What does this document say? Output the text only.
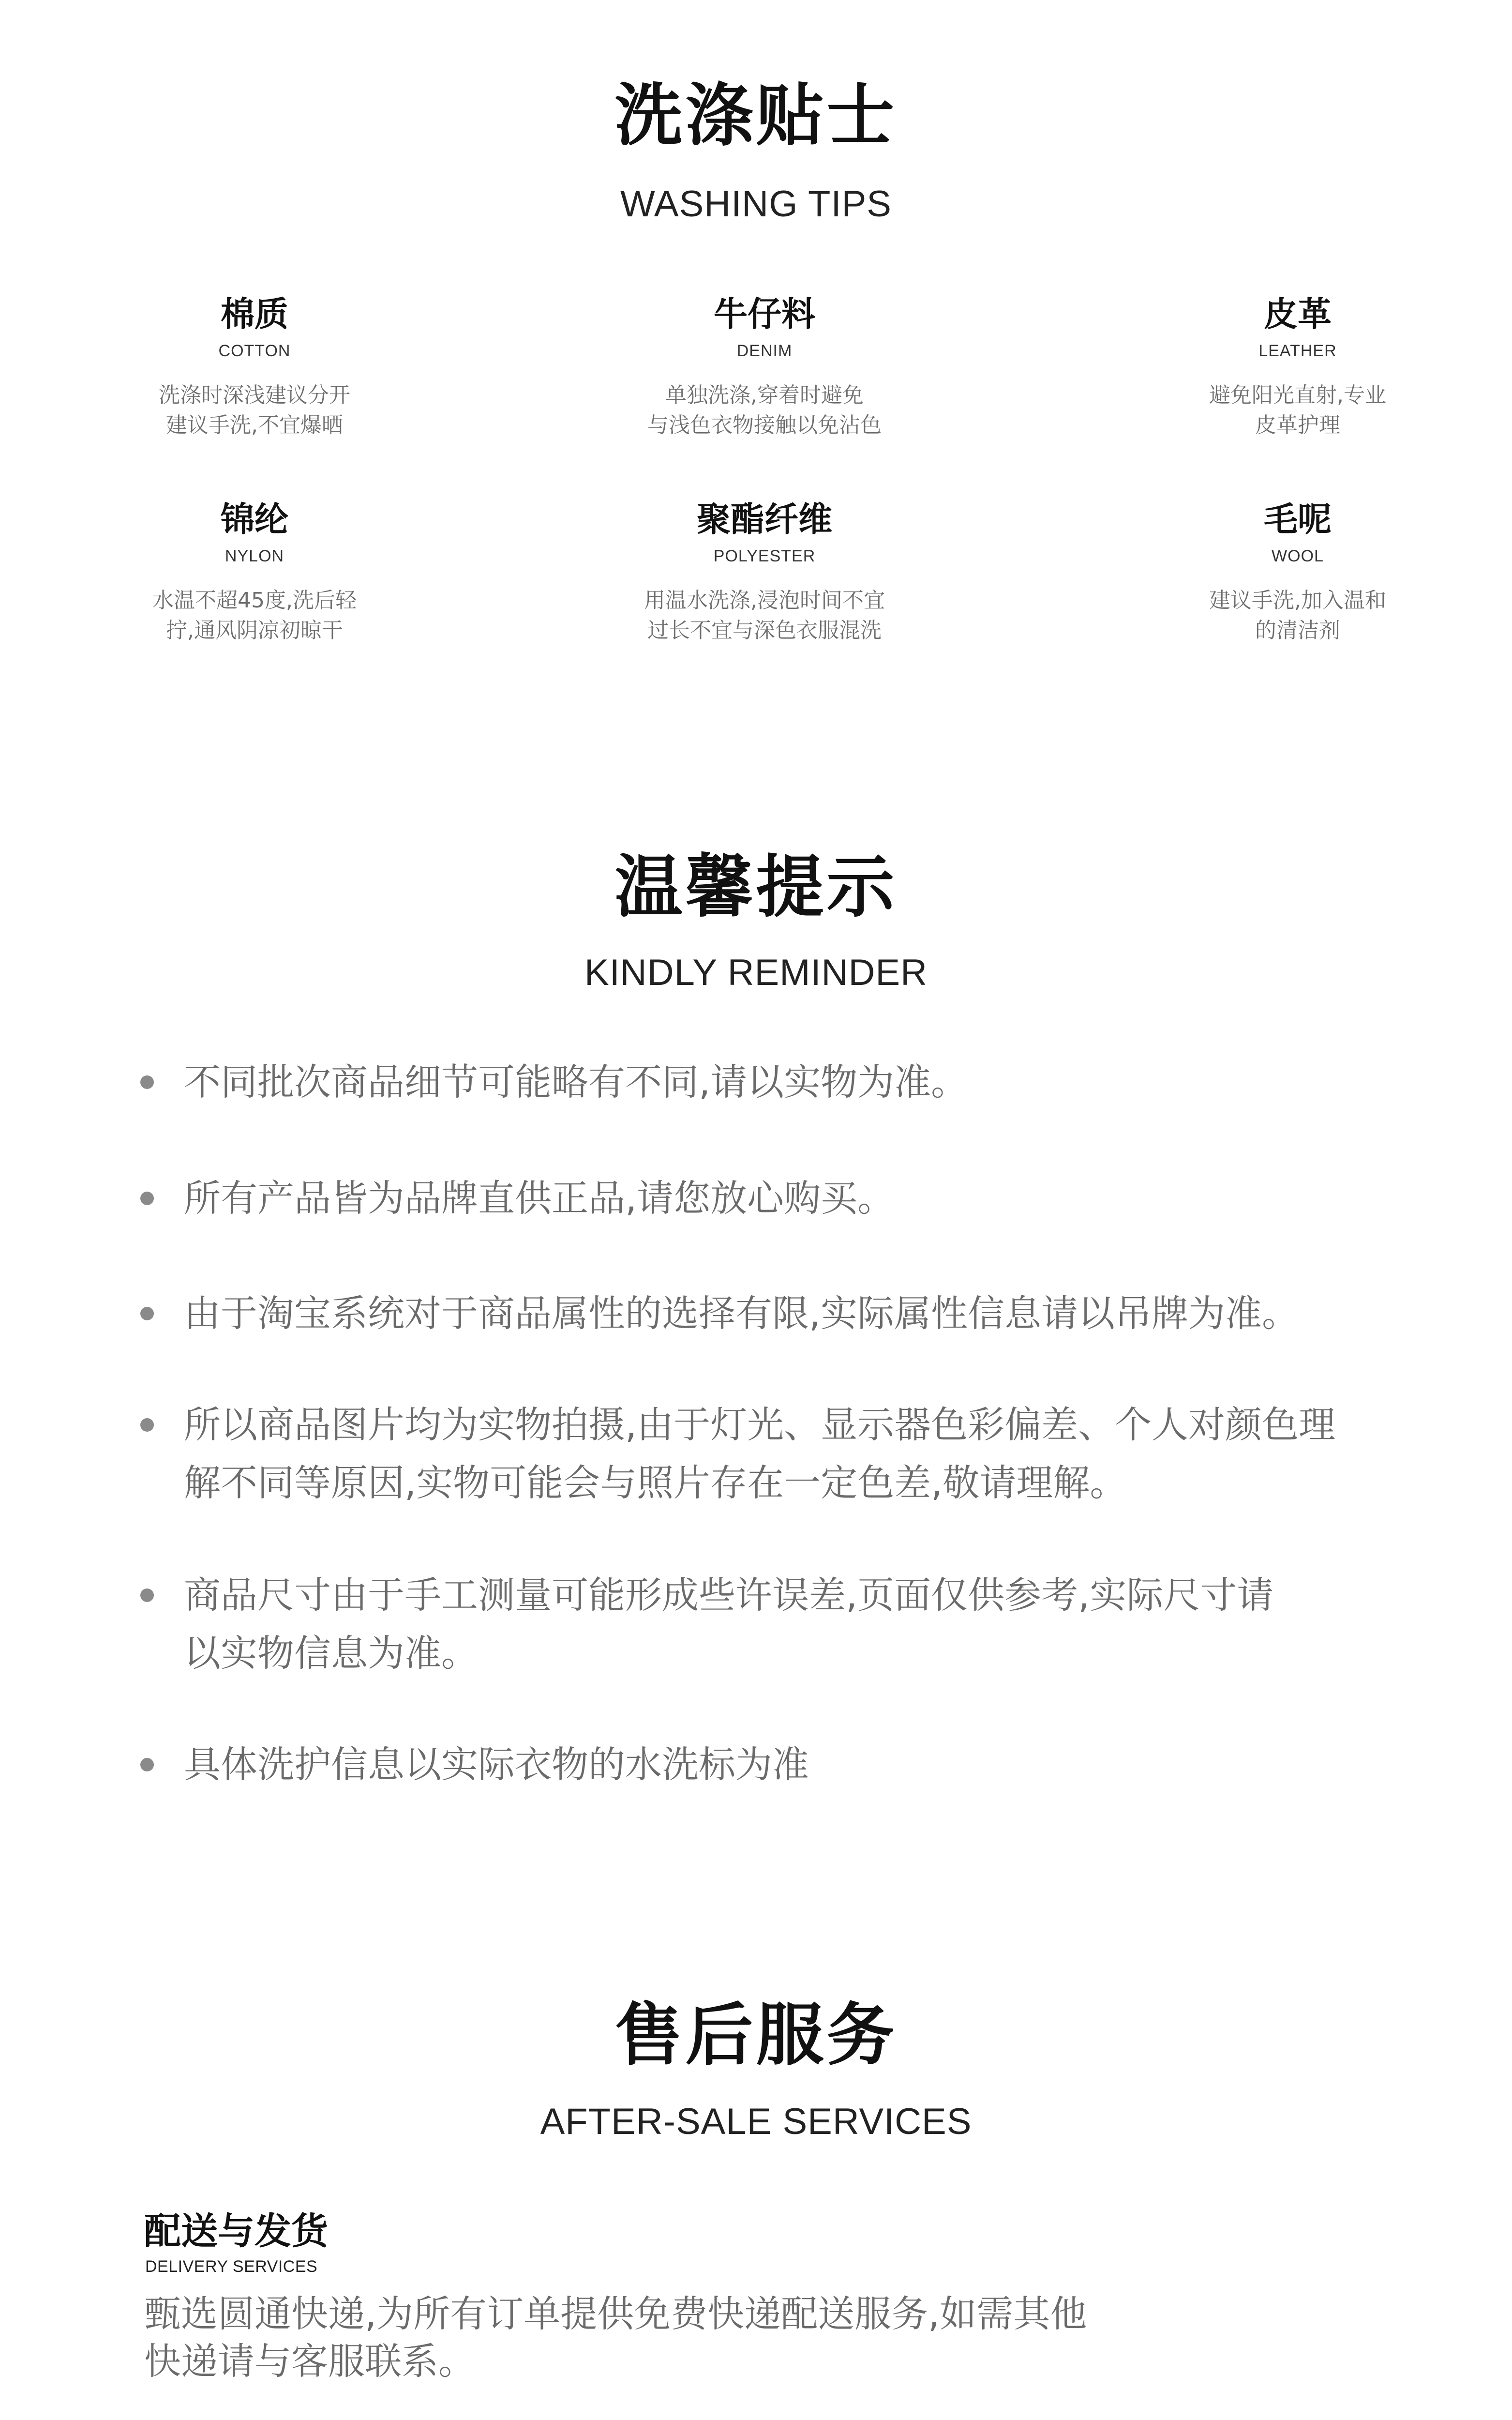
洗涤贴士
WASHING TIPS
棉质
COTTON
洗涤时深浅建议分开
建议手洗,不宜爆晒
牛仔料
DENIM
单独洗涤,穿着时避免
与浅色衣物接触以免沾色
皮革
LEATHER
避免阳光直射,专业
皮革护理
锦纶
NYLON
水温不超45度,洗后轻
拧,通风阴凉初晾干
聚酯纤维
POLYESTER
用温水洗涤,浸泡时间不宜
过长不宜与深色衣服混洗
毛呢
WOOL
建议手洗,加入温和
的清洁剂
温馨提示
KINDLY REMINDER
不同批次商品细节可能略有不同,请以实物为准。
所有产品皆为品牌直供正品,请您放心购买。
由于淘宝系统对于商品属性的选择有限,实际属性信息请以吊牌为准。
所以商品图片均为实物拍摄,由于灯光、显示器色彩偏差、个人对颜色理
解不同等原因,实物可能会与照片存在一定色差,敬请理解。
商品尺寸由于手工测量可能形成些许误差,页面仅供参考,实际尺寸请
以实物信息为准。
具体洗护信息以实际衣物的水洗标为准
售后服务
AFTER-SALE SERVICES
配送与发货
DELIVERY SERVICES
甄选圆通快递,为所有订单提供免费快递配送服务,如需其他
快递请与客服联系。
